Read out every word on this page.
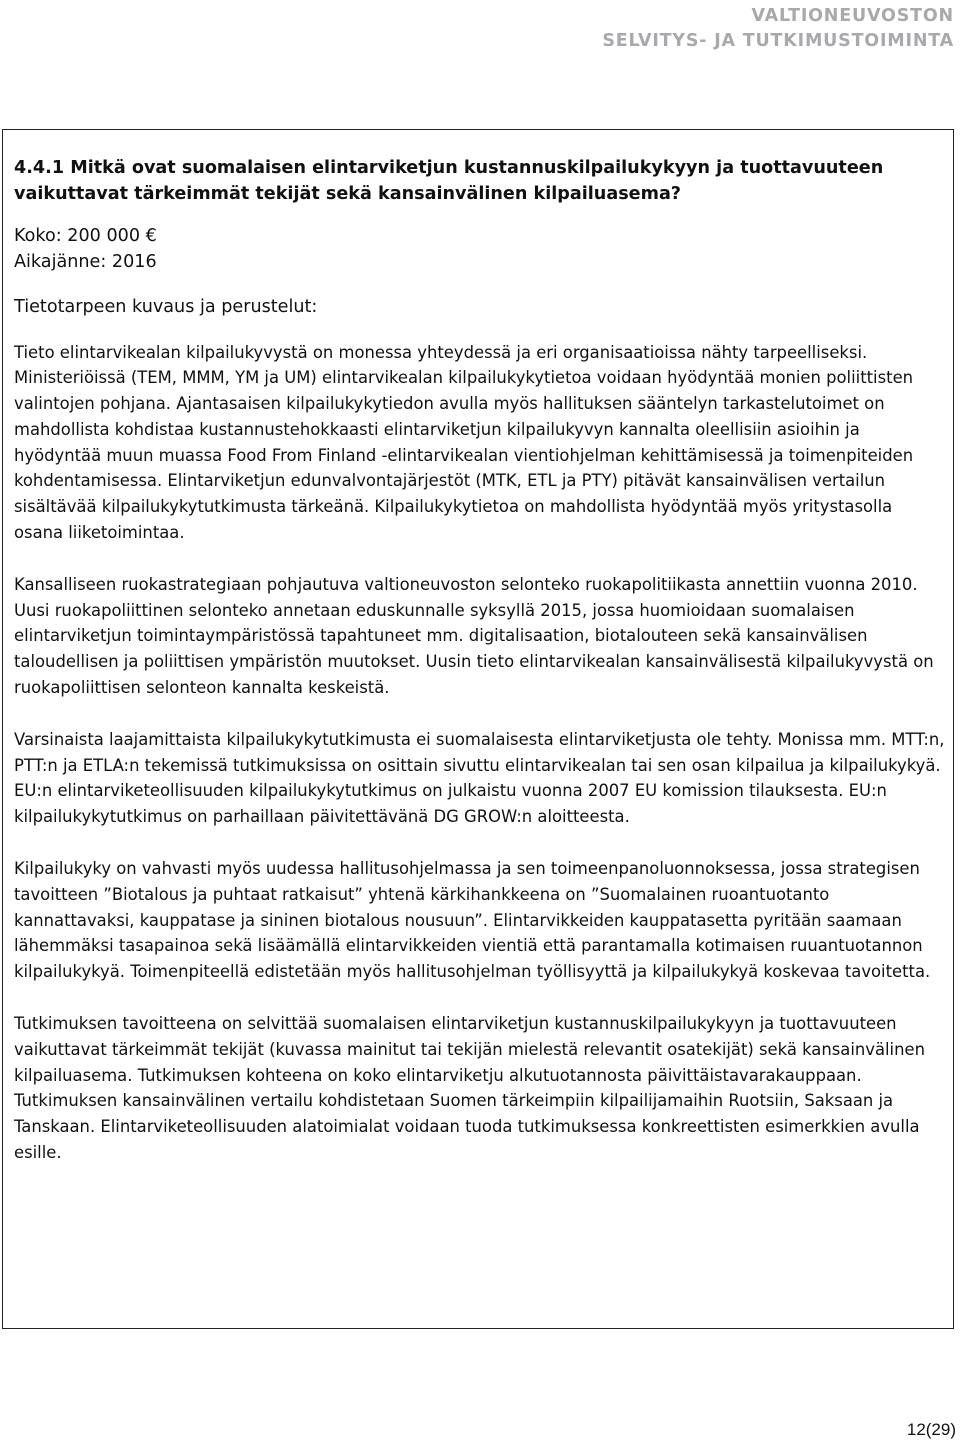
VALTIONEUVOSTON
SELVITYS- JA TUTKIMUSTOIMINTA

4.4.1 Mitkä ovat suomalaisen elintarviketjun kustannuskilpailukykyyn ja tuottavuuteen vaikuttavat tärkeimmät tekijät sekä kansainvälinen kilpailuasema?

Koko: 200 000 €
Aikajänne: 2016
Tietotarpeen kuvaus ja perustelut:

Tieto elintarvikealan kilpailukyvystä on monessa yhteydessä ja eri organisaatioissa nähty tarpeelliseksi. Ministeriöissä (TEM, MMM, YM ja UM) elintarvikealan kilpailukykytietoa voidaan hyödyntää monien poliittisten valintojen pohjana. Ajantasaisen kilpailukykytiedon avulla myös hallituksen sääntelyn tarkastelutoimet on mahdollista kohdistaa kustannustehokkaasti elintarviketjun kilpailukyvyn kannalta oleellisiin asioihin ja hyödyntää muun muassa Food From Finland -elintarvikealan vientiohjelman kehittämisessä ja toimenpiteiden kohdentamisessa. Elintarviketjun edunvalvontajärjestöt (MTK, ETL ja PTY) pitävät kansainvälisen vertailun sisältävää kilpailukykytutkimusta tärkeänä. Kilpailukykytietoa on mahdollista hyödyntää myös yritystasolla osana liiketoimintaa.

Kansalliseen ruokastrategiaan pohjautuva valtioneuvoston selonteko ruokapolitiikasta annettiin vuonna 2010. Uusi ruokapoliittinen selonteko annetaan eduskunnalle syksyllä 2015, jossa huomioidaan suomalaisen elintarviketjun toimintaympäristössä tapahtuneet mm. digitalisaation, biotalouteen sekä kansainvälisen taloudellisen ja poliittisen ympäristön muutokset. Uusin tieto elintarvikealan kansainvälisestä kilpailukyvystä on ruokapoliittisen selonteon kannalta keskeistä.

Varsinaista laajamittaista kilpailukykytutkimusta ei suomalaisesta elintarviketjusta ole tehty. Monissa mm. MTT:n, PTT:n ja ETLA:n tekemissä tutkimuksissa on osittain sivuttu elintarvikealan tai sen osan kilpailua ja kilpailukykyä. EU:n elintarviketeollisuuden kilpailukykytutkimus on julkaistu vuonna 2007 EU komission tilauksesta. EU:n kilpailukykytutkimus on parhaillaan päivitettävänä DG GROW:n aloitteesta.

Kilpailukyky on vahvasti myös uudessa hallitusohjelmassa ja sen toimeenpanoluonnoksessa, jossa strategisen tavoitteen ”Biotalous ja puhtaat ratkaisut” yhtenä kärkihankkeena on ”Suomalainen ruoantuotanto kannattavaksi, kauppatase ja sininen biotalous nousuun”. Elintarvikkeiden kauppatasetta pyritään saamaan lähemmäksi tasapainoa sekä lisäämällä elintarvikkeiden vientiä että parantamalla kotimaisen ruuantuotannon kilpailukykyä. Toimenpiteellä edistetään myös hallitusohjelman työllisyyttä ja kilpailukykyä koskevaa tavoitetta.

Tutkimuksen tavoitteena on selvittää suomalaisen elintarviketjun kustannuskilpailukykyyn ja tuottavuuteen vaikuttavat tärkeimmät tekijät (kuvassa mainitut tai tekijän mielestä relevantit osatekijät) sekä kansainvälinen kilpailuasema. Tutkimuksen kohteena on koko elintarviketju alkutuotannosta päivittäistavarakauppaan. Tutkimuksen kansainvälinen vertailu kohdistetaan Suomen tärkeimpiin kilpailijamaihin Ruotsiin, Saksaan ja Tanskaan. Elintarviketeollisuuden alatoimialat voidaan tuoda tutkimuksessa konkreettisten esimerkkien avulla esille.

12(29)
